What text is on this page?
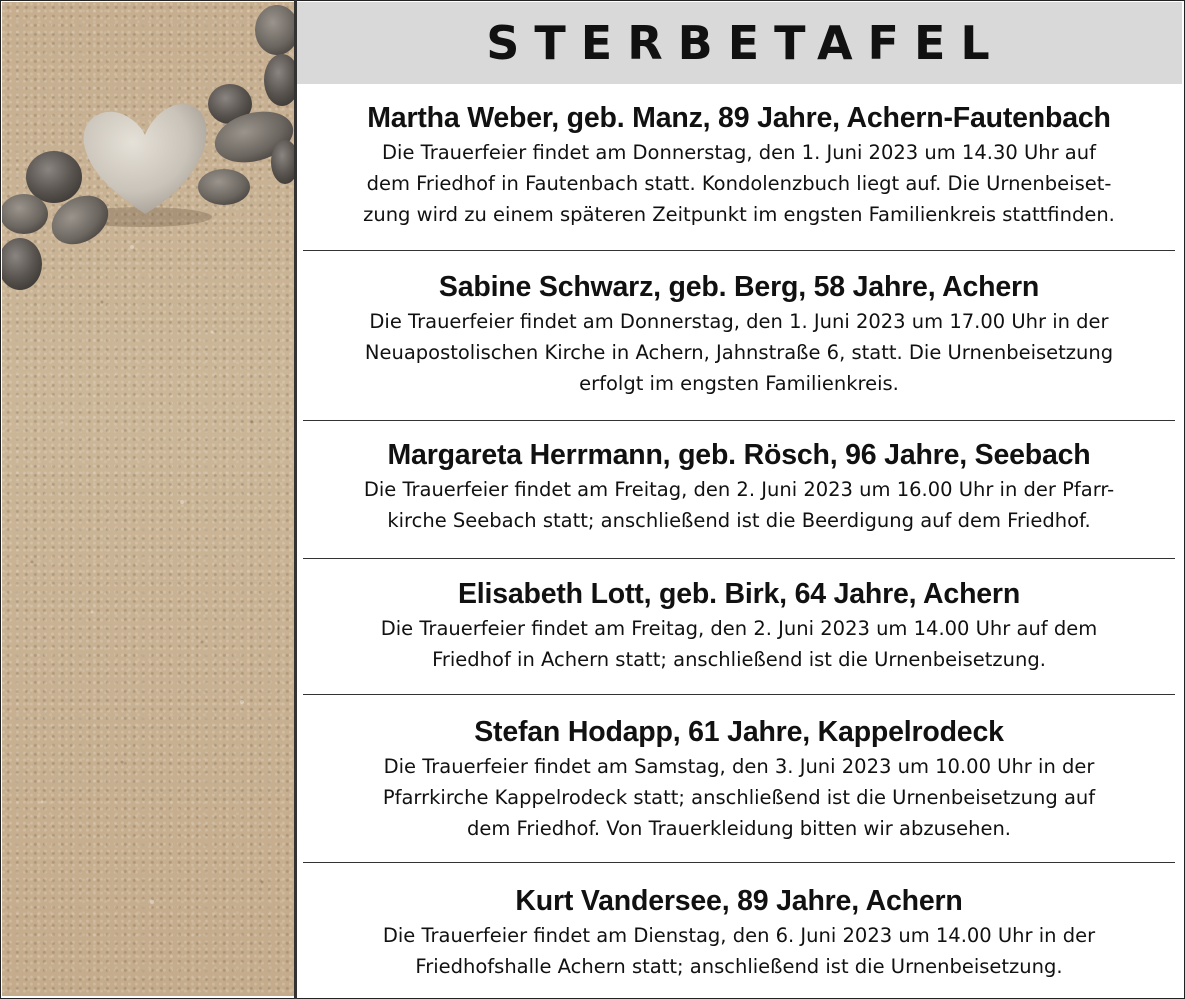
STERBETAFEL
Martha Weber, geb. Manz, 89 Jahre, Achern-Fautenbach

Die Trauerfeier findet am Donnerstag, den 1. Juni 2023 um 14.30 Uhr auf
dem Friedhof in Fautenbach statt. Kondolenzbuch liegt auf. Die Urnenbeiset-
zung wird zu einem späteren Zeitpunkt im engsten Familienkreis stattfinden.

Sabine Schwarz, geb. Berg, 58 Jahre, Achern

Die Trauerfeier findet am Donnerstag, den 1. Juni 2023 um 17.00 Uhr in der
Neuapostolischen Kirche in Achern, Jahnstraße 6, statt. Die Urnenbeisetzung
erfolgt im engsten Familienkreis.

Margareta Herrmann, geb. Rösch, 96 Jahre, Seebach

Die Trauerfeier findet am Freitag, den 2. Juni 2023 um 16.00 Uhr in der Pfarr-
kirche Seebach statt; anschließend ist die Beerdigung auf dem Friedhof.

Elisabeth Lott, geb. Birk, 64 Jahre, Achern

Die Trauerfeier findet am Freitag, den 2. Juni 2023 um 14.00 Uhr auf dem
Friedhof in Achern statt; anschließend ist die Urnenbeisetzung.

Stefan Hodapp, 61 Jahre, Kappelrodeck

Die Trauerfeier findet am Samstag, den 3. Juni 2023 um 10.00 Uhr in der
Pfarrkirche Kappelrodeck statt; anschließend ist die Urnenbeisetzung auf
dem Friedhof. Von Trauerkleidung bitten wir abzusehen.

Kurt Vandersee, 89 Jahre, Achern

Die Trauerfeier findet am Dienstag, den 6. Juni 2023 um 14.00 Uhr in der
Friedhofshalle Achern statt; anschließend ist die Urnenbeisetzung.
